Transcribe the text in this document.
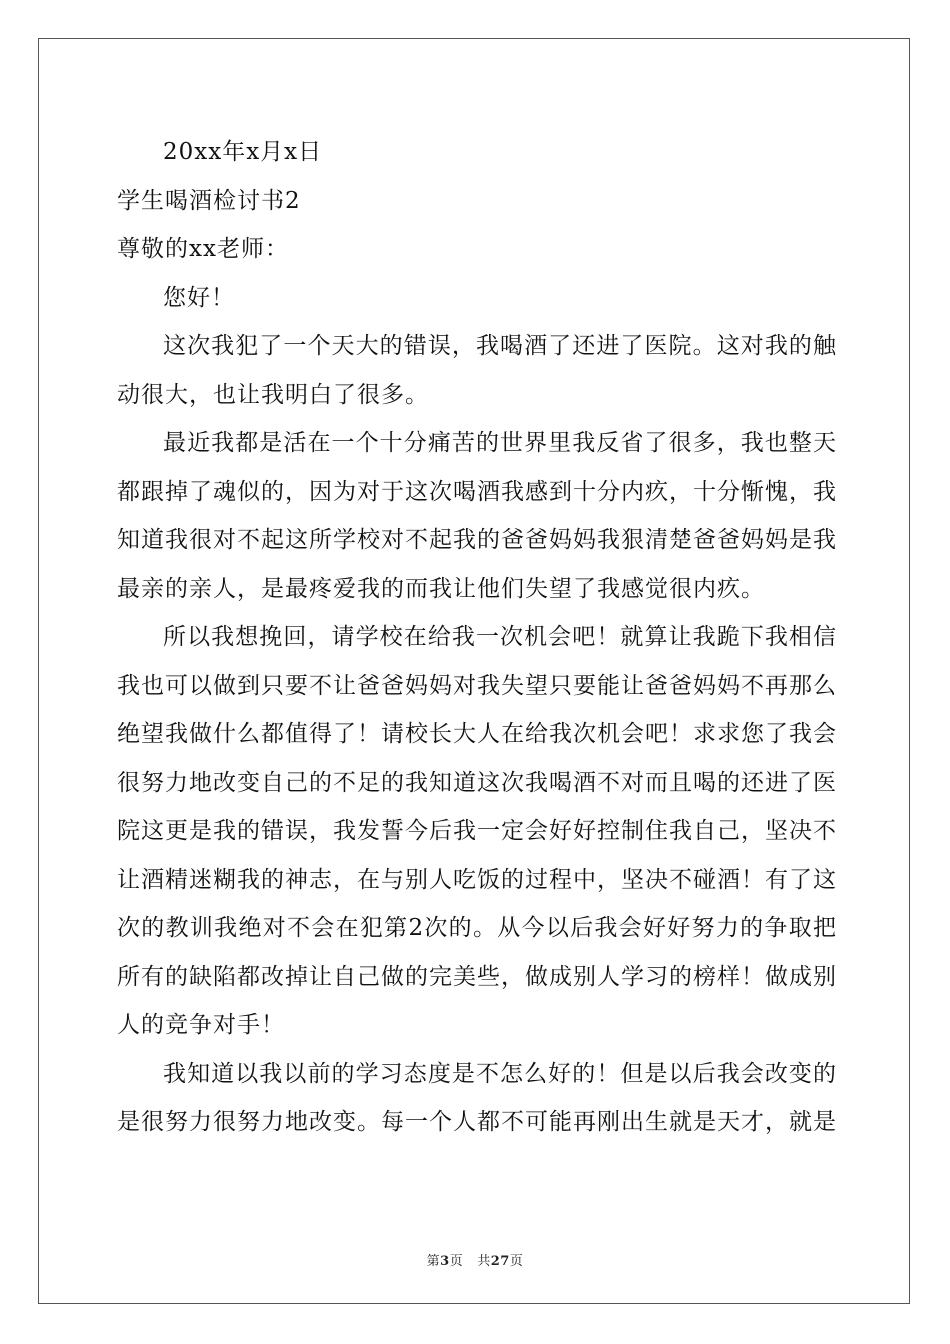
20xx年x月x日
学生喝酒检讨书2
尊敬的xx老师：
您好！
这次我犯了一个天大的错误，我喝酒了还进了医院。这对我的触
动很大，也让我明白了很多。
最近我都是活在一个十分痛苦的世界里我反省了很多，我也整天
都跟掉了魂似的，因为对于这次喝酒我感到十分内疚，十分惭愧，我
知道我很对不起这所学校对不起我的爸爸妈妈我狠清楚爸爸妈妈是我
最亲的亲人，是最疼爱我的而我让他们失望了我感觉很内疚。
所以我想挽回，请学校在给我一次机会吧！就算让我跪下我相信
我也可以做到只要不让爸爸妈妈对我失望只要能让爸爸妈妈不再那么
绝望我做什么都值得了！请校长大人在给我次机会吧！求求您了我会
很努力地改变自己的不足的我知道这次我喝酒不对而且喝的还进了医
院这更是我的错误，我发誓今后我一定会好好控制住我自己，坚决不
让酒精迷糊我的神志，在与别人吃饭的过程中，坚决不碰酒！有了这
次的教训我绝对不会在犯第2次的。从今以后我会好好努力的争取把
所有的缺陷都改掉让自己做的完美些，做成别人学习的榜样！做成别
人的竞争对手！
我知道以我以前的学习态度是不怎么好的！但是以后我会改变的
是很努力很努力地改变。每一个人都不可能再刚出生就是天才，就是
第3页 共27页
